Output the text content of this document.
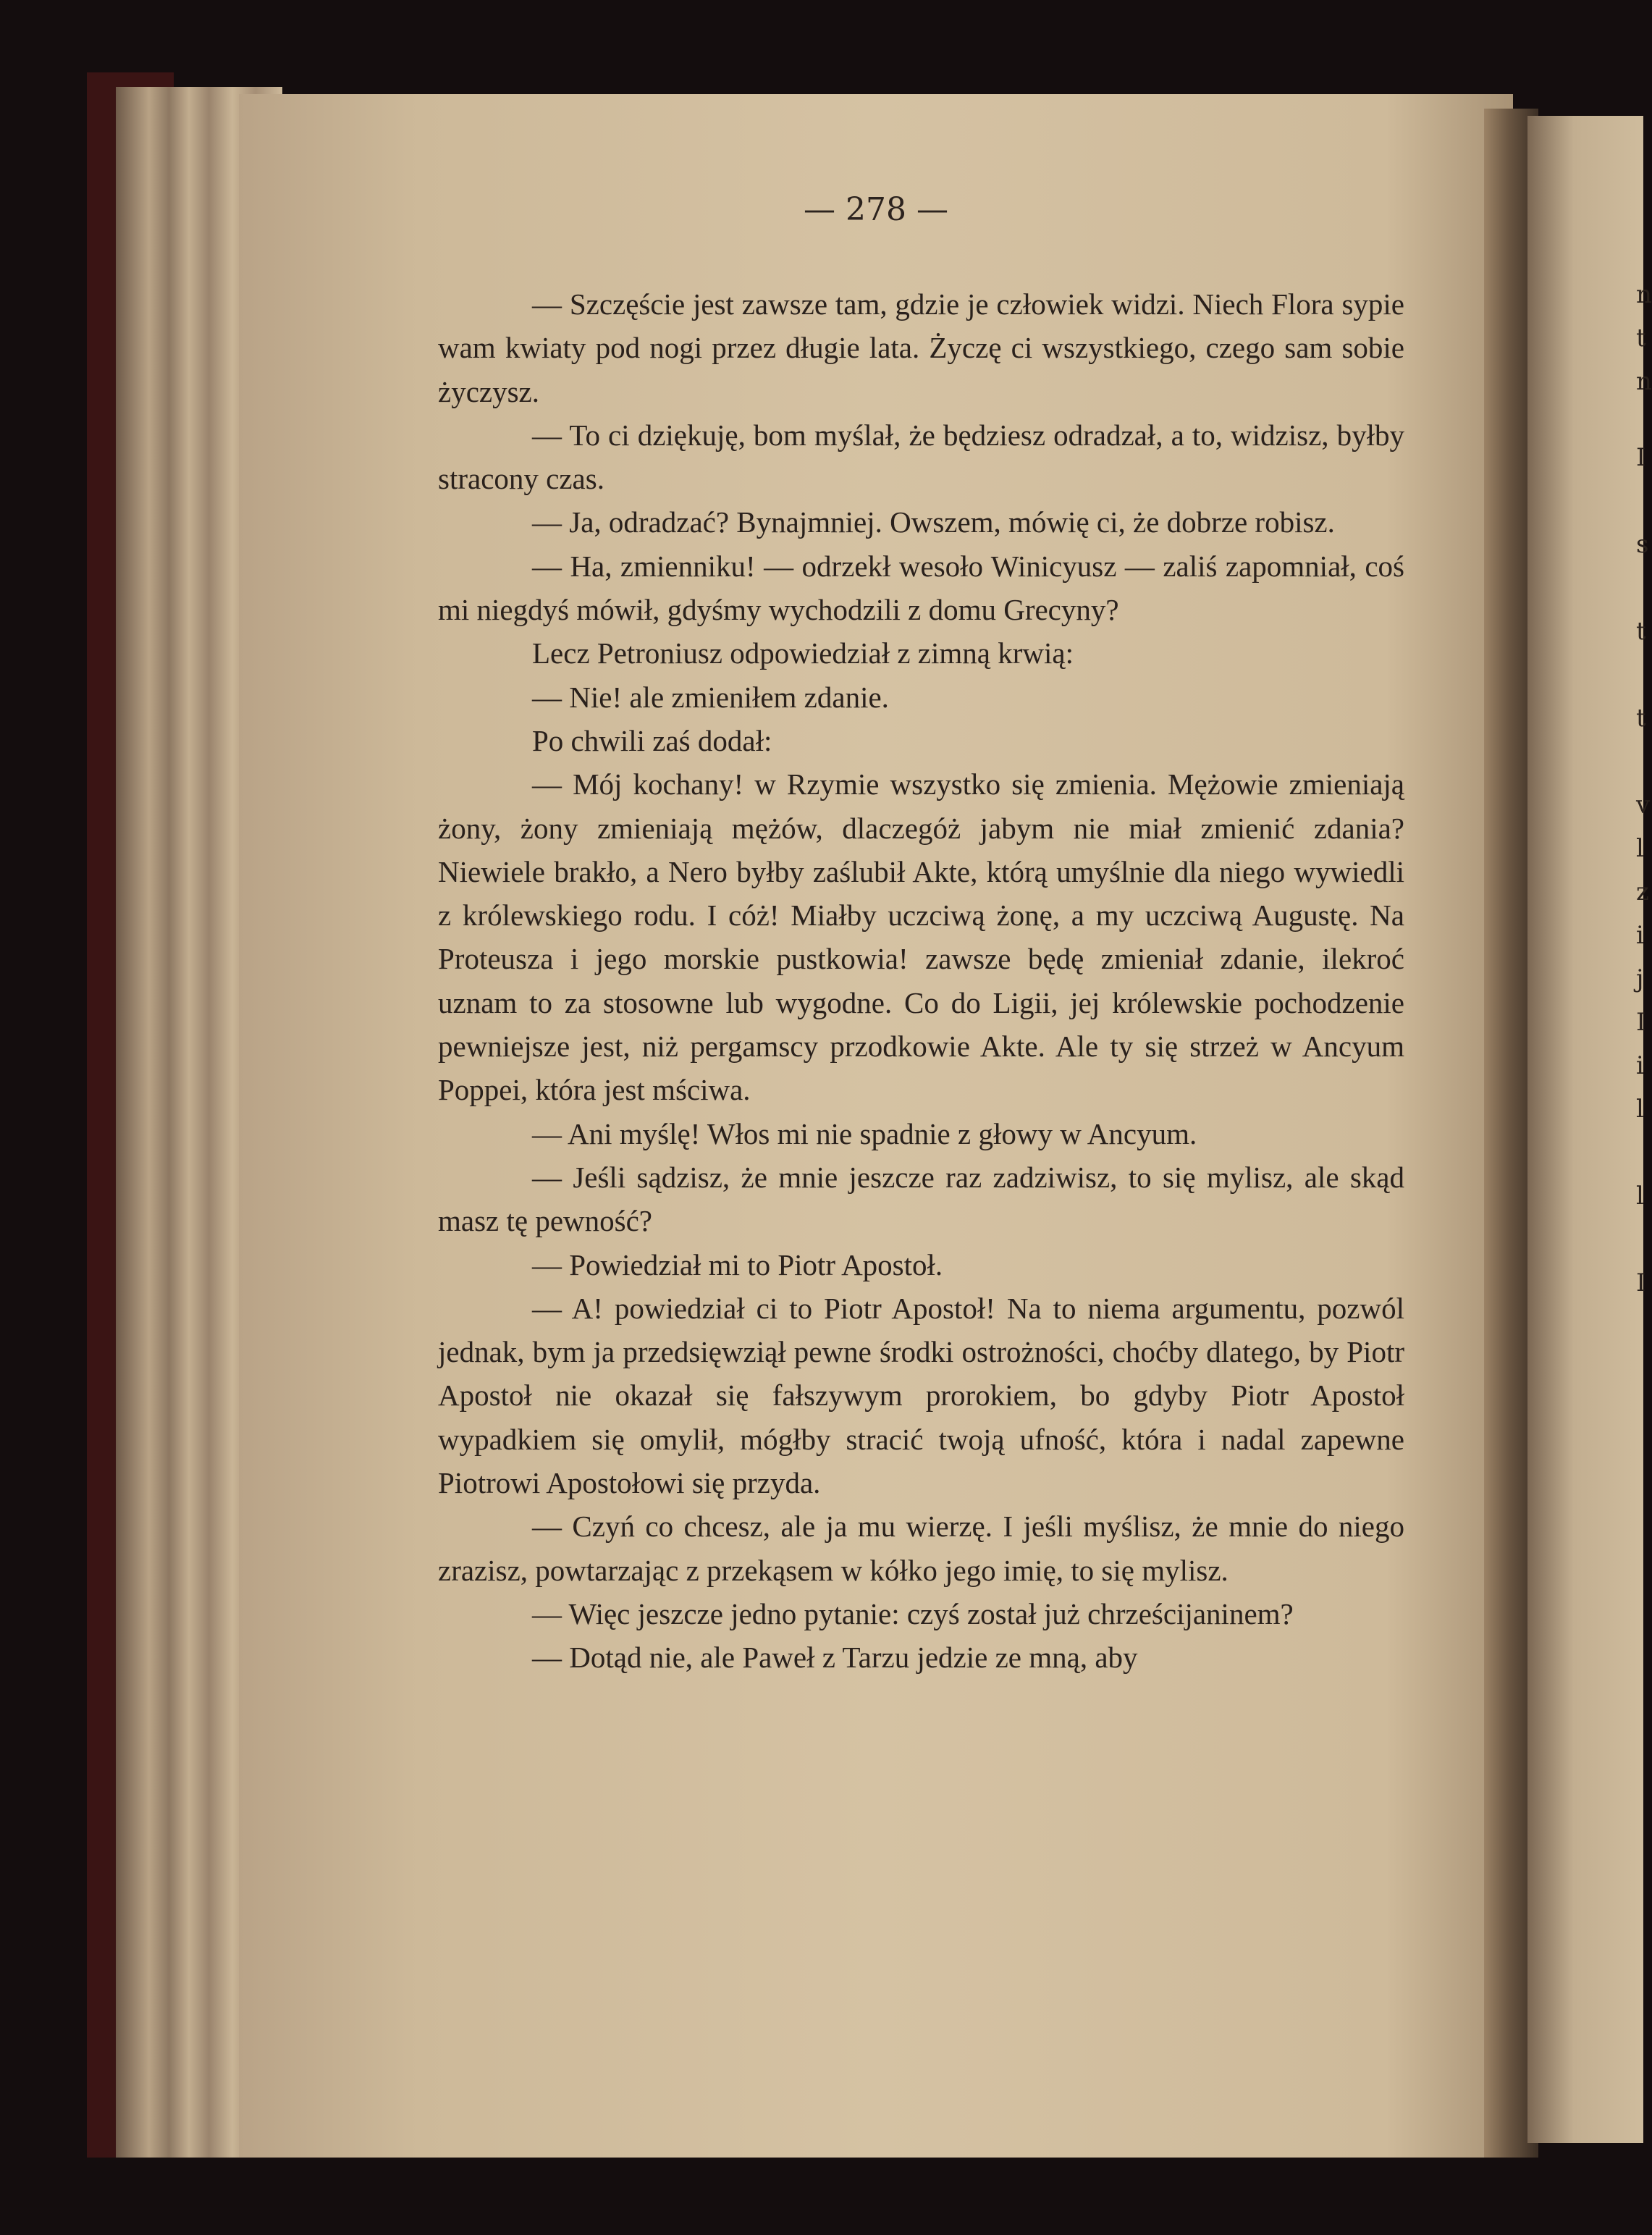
n

t

n

I

s

t

t

v

l

z

i

j

I

i

l

l

I

— 278 —

— Szczęście jest zawsze tam, gdzie je człowiek widzi. Niech Flora sypie wam kwiaty pod nogi przez długie lata. Życzę ci wszystkiego, czego sam sobie życzysz.

— To ci dziękuję, bom myślał, że będziesz odradzał, a to, widzisz, byłby stracony czas.

— Ja, odradzać? Bynajmniej. Owszem, mówię ci, że dobrze robisz.

— Ha, zmienniku! — odrzekł wesoło Winicyusz — zaliś zapomniał, coś mi niegdyś mówił, gdyśmy wychodzili z domu Grecyny?

Lecz Petroniusz odpowiedział z zimną krwią:

— Nie! ale zmieniłem zdanie.

Po chwili zaś dodał:

— Mój kochany! w Rzymie wszystko się zmienia. Mężowie zmieniają żony, żony zmieniają mężów, dlaczegóż jabym nie miał zmienić zdania? Niewiele brakło, a Nero byłby zaślubił Akte, którą umyślnie dla niego wywiedli z królewskiego rodu. I cóż! Miałby uczciwą żonę, a my uczciwą Augustę. Na Proteusza i jego morskie pustkowia! zawsze będę zmieniał zdanie, ilekroć uznam to za stosowne lub wygodne. Co do Ligii, jej królewskie pochodzenie pewniejsze jest, niż pergamscy przodkowie Akte. Ale ty się strzeż w Ancyum Poppei, która jest mściwa.

— Ani myślę! Włos mi nie spadnie z głowy w Ancyum.

— Jeśli sądzisz, że mnie jeszcze raz zadziwisz, to się mylisz, ale skąd masz tę pewność?

— Powiedział mi to Piotr Apostoł.

— A! powiedział ci to Piotr Apostoł! Na to niema argumentu, pozwól jednak, bym ja przedsięwziął pewne środki ostrożności, choćby dlatego, by Piotr Apostoł nie okazał się fałszywym prorokiem, bo gdyby Piotr Apostoł wypadkiem się omylił, mógłby stracić twoją ufność, która i nadal zapewne Piotrowi Apostołowi się przyda.

— Czyń co chcesz, ale ja mu wierzę. I jeśli myślisz, że mnie do niego zrazisz, powtarzając z przekąsem w kółko jego imię, to się mylisz.

— Więc jeszcze jedno pytanie: czyś został już chrześcijaninem?

— Dotąd nie, ale Paweł z Tarzu jedzie ze mną, aby
